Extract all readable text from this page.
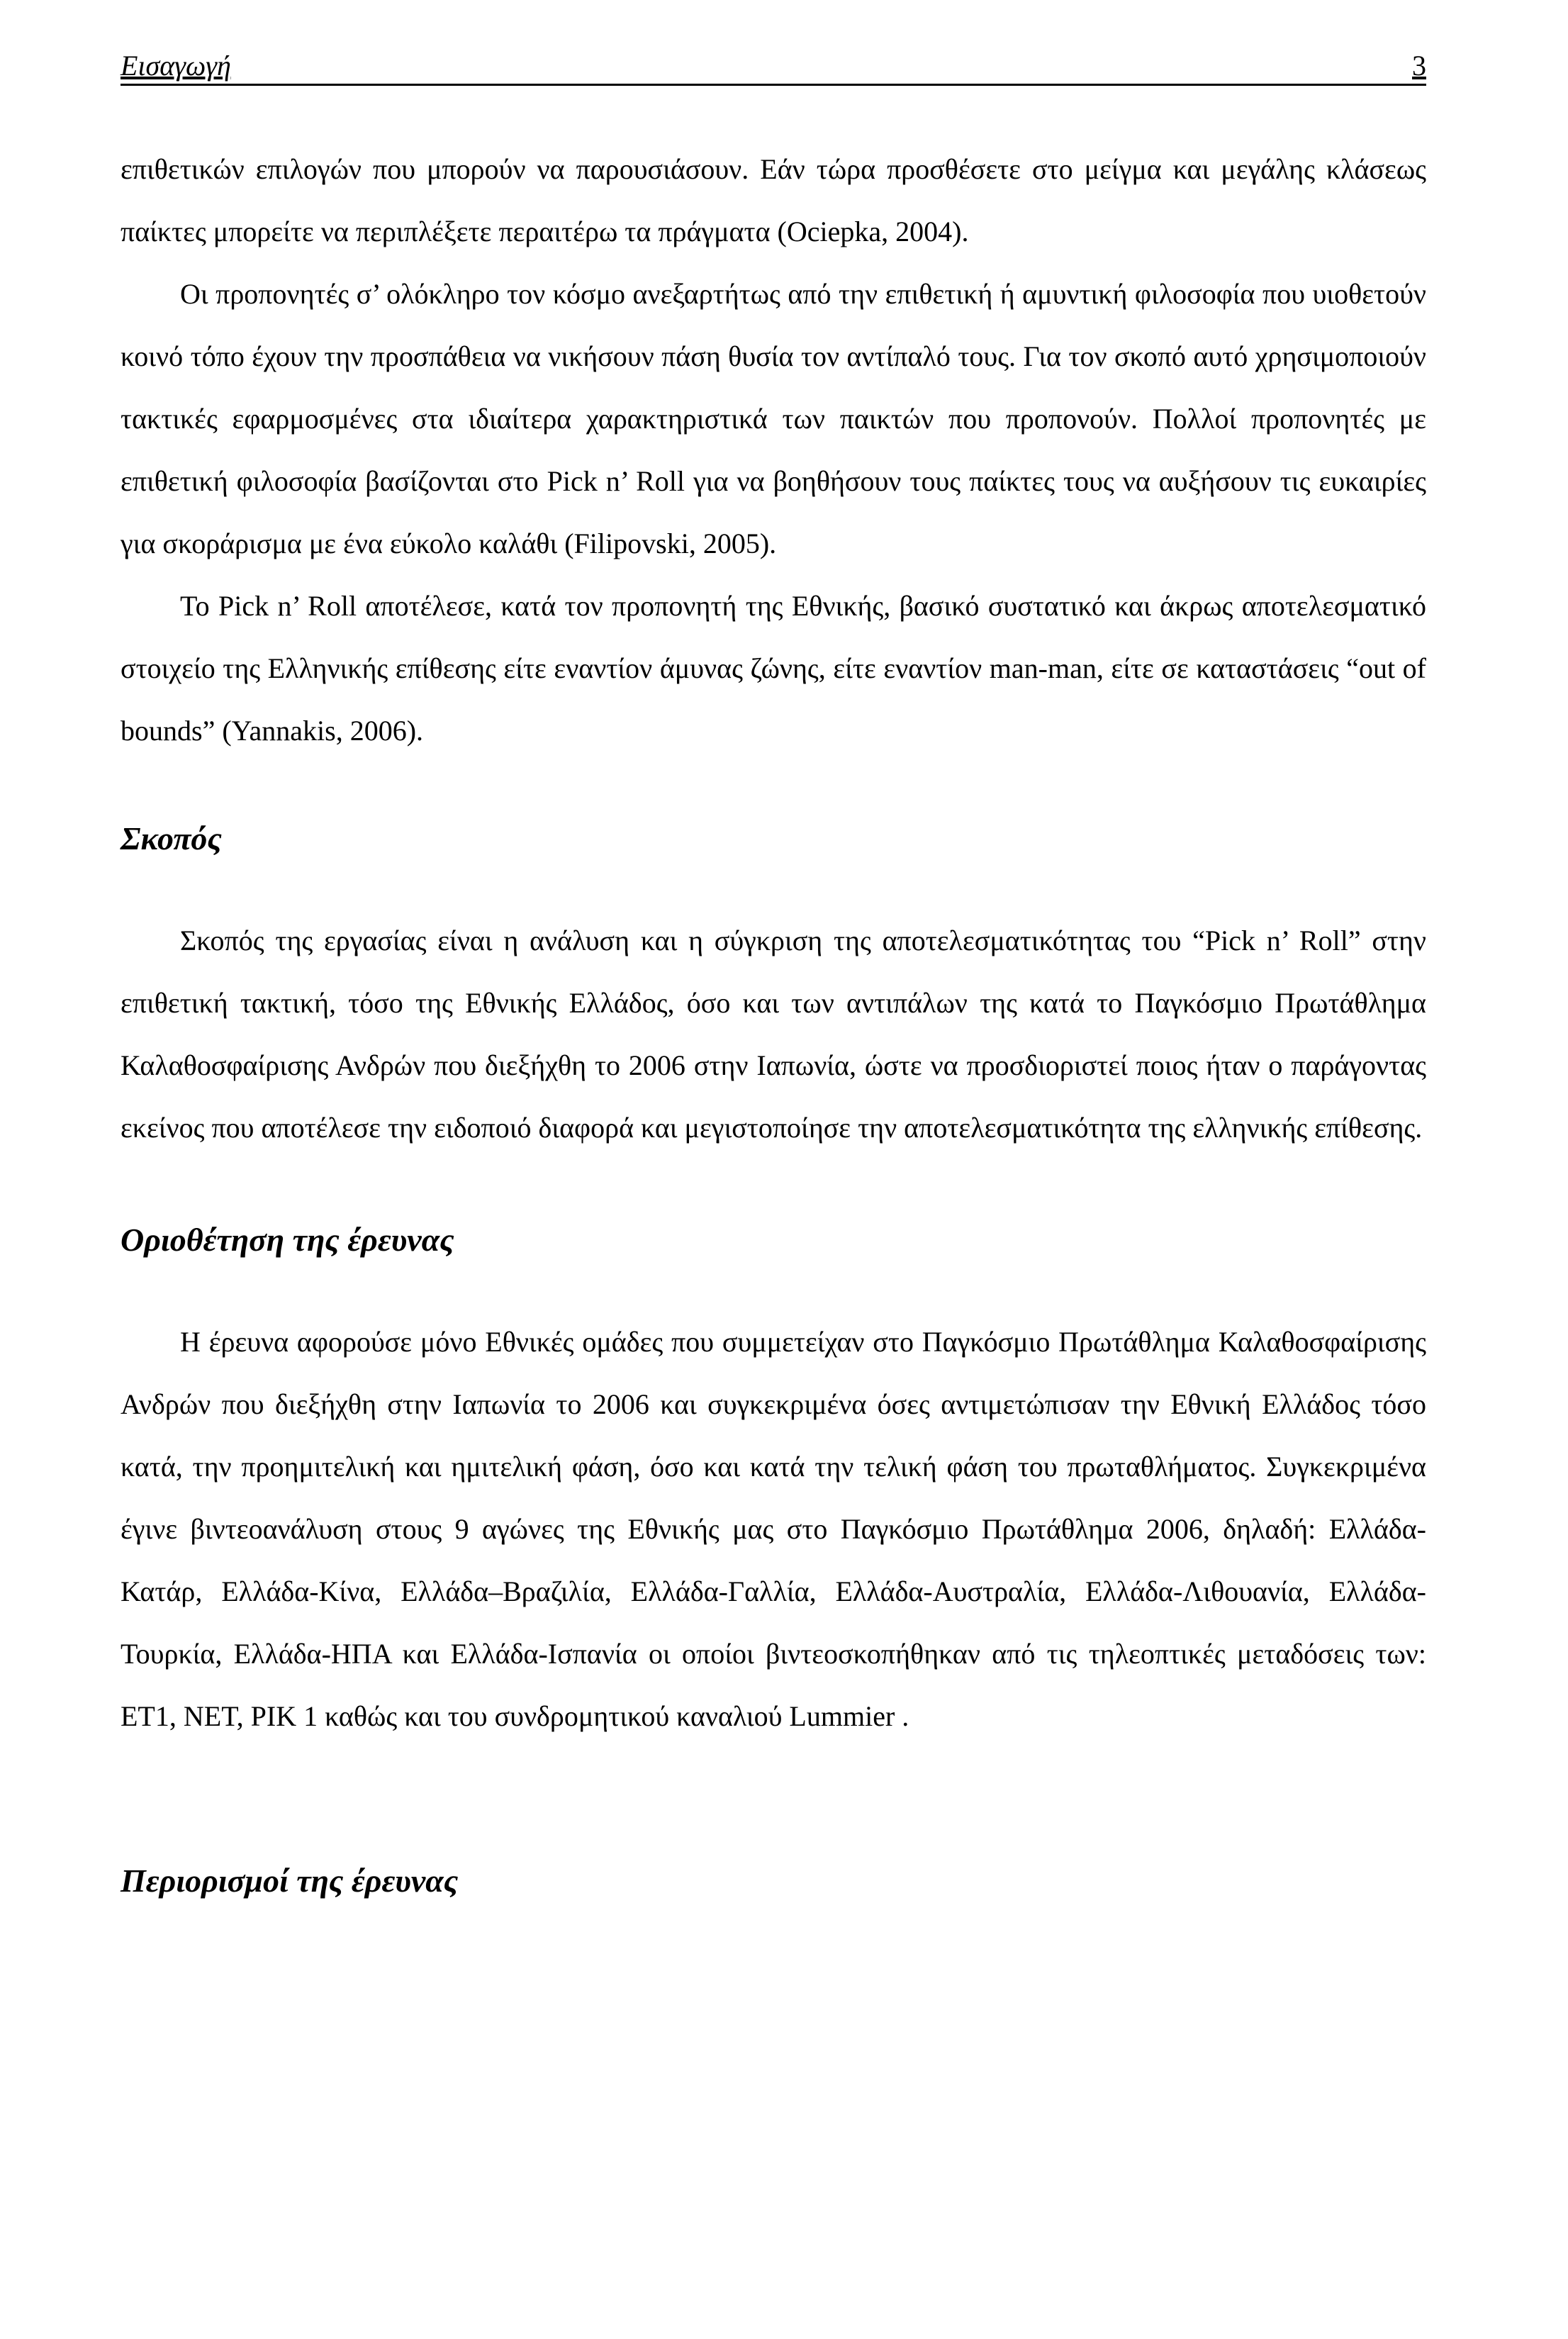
Εισαγωγή	3

επιθετικών επιλογών που μπορούν να παρουσιάσουν. Εάν τώρα προσθέσετε στο μείγμα και μεγάλης κλάσεως παίκτες μπορείτε να περιπλέξετε περαιτέρω τα πράγματα (Ociepka, 2004).

Οι προπονητές σ’ ολόκληρο τον κόσμο ανεξαρτήτως από την επιθετική ή αμυντική φιλοσοφία που υιοθετούν κοινό τόπο έχουν την προσπάθεια να νικήσουν πάση θυσία τον αντίπαλό τους. Για τον σκοπό αυτό χρησιμοποιούν τακτικές εφαρμοσμένες στα ιδιαίτερα χαρακτηριστικά των παικτών που προπονούν. Πολλοί προπονητές με επιθετική φιλοσοφία βασίζονται στο Pick n’ Roll για να βοηθήσουν τους παίκτες τους να αυξήσουν τις ευκαιρίες για σκοράρισμα με ένα εύκολο καλάθι (Filipovski, 2005).

Το Pick n’ Roll αποτέλεσε, κατά τον προπονητή της Εθνικής, βασικό συστατικό και άκρως αποτελεσματικό στοιχείο της Ελληνικής επίθεσης είτε εναντίον άμυνας ζώνης, είτε εναντίον man-man, είτε σε καταστάσεις “out of bounds” (Yannakis, 2006).

Σκοπός

Σκοπός της εργασίας είναι η ανάλυση και η σύγκριση της αποτελεσματικότητας του “Pick n’ Roll” στην επιθετική τακτική, τόσο της Εθνικής Ελλάδος, όσο και των αντιπάλων της κατά το Παγκόσμιο Πρωτάθλημα Καλαθοσφαίρισης Ανδρών που διεξήχθη το 2006 στην Ιαπωνία, ώστε να προσδιοριστεί ποιος ήταν ο παράγοντας εκείνος που αποτέλεσε την ειδοποιό διαφορά και μεγιστοποίησε την αποτελεσματικότητα της ελληνικής επίθεσης.

Οριοθέτηση της έρευνας

Η έρευνα αφορούσε μόνο Εθνικές ομάδες που συμμετείχαν στο Παγκόσμιο Πρωτάθλημα Καλαθοσφαίρισης Ανδρών που διεξήχθη στην Ιαπωνία το 2006 και συγκεκριμένα όσες αντιμετώπισαν την Εθνική Ελλάδος τόσο κατά, την προημιτελική και ημιτελική φάση, όσο και κατά την τελική φάση του πρωταθλήματος. Συγκεκριμένα έγινε βιντεοανάλυση στους 9 αγώνες της Εθνικής μας στο Παγκόσμιο Πρωτάθλημα 2006, δηλαδή: Ελλάδα-Κατάρ, Ελλάδα-Κίνα, Ελλάδα–Βραζιλία, Ελλάδα-Γαλλία, Ελλάδα-Αυστραλία, Ελλάδα-Λιθουανία, Ελλάδα-Τουρκία, Ελλάδα-ΗΠΑ και Ελλάδα-Ισπανία οι οποίοι βιντεοσκοπήθηκαν από τις τηλεοπτικές μεταδόσεις των: ΕΤ1, ΝΕΤ, ΡΙΚ 1 καθώς και του συνδρομητικού καναλιού Lummier .

Περιορισμοί της έρευνας
